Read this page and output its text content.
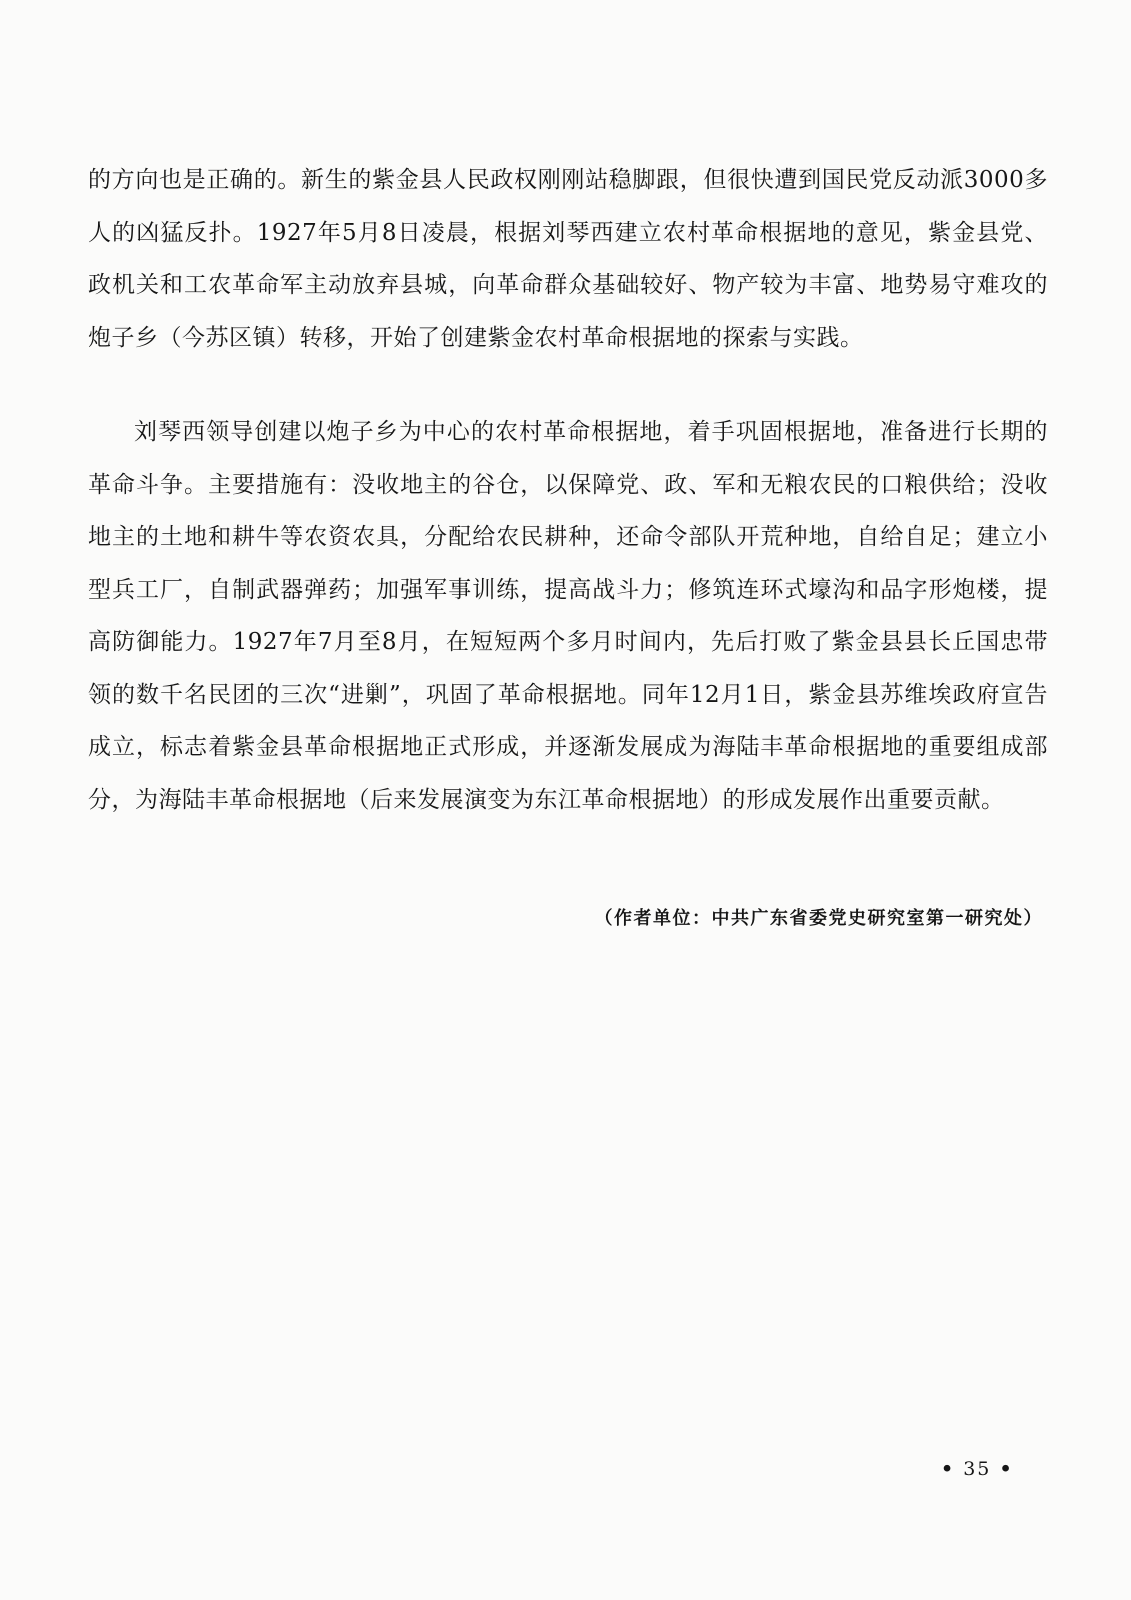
的方向也是正确的。新生的紫金县人民政权刚刚站稳脚跟，但很快遭到国民党反动派3000多人的凶猛反扑。1927年5月8日凌晨，根据刘琴西建立农村革命根据地的意见，紫金县党、政机关和工农革命军主动放弃县城，向革命群众基础较好、物产较为丰富、地势易守难攻的炮子乡（今苏区镇）转移，开始了创建紫金农村革命根据地的探索与实践。

刘琴西领导创建以炮子乡为中心的农村革命根据地，着手巩固根据地，准备进行长期的革命斗争。主要措施有：没收地主的谷仓，以保障党、政、军和无粮农民的口粮供给；没收地主的土地和耕牛等农资农具，分配给农民耕种，还命令部队开荒种地，自给自足；建立小型兵工厂，自制武器弹药；加强军事训练，提高战斗力；修筑连环式壕沟和品字形炮楼，提高防御能力。1927年7月至8月，在短短两个多月时间内，先后打败了紫金县县长丘国忠带领的数千名民团的三次“进剿”，巩固了革命根据地。同年12月1日，紫金县苏维埃政府宣告成立，标志着紫金县革命根据地正式形成，并逐渐发展成为海陆丰革命根据地的重要组成部分，为海陆丰革命根据地（后来发展演变为东江革命根据地）的形成发展作出重要贡献。

（作者单位：中共广东省委党史研究室第一研究处）
• 35 •
